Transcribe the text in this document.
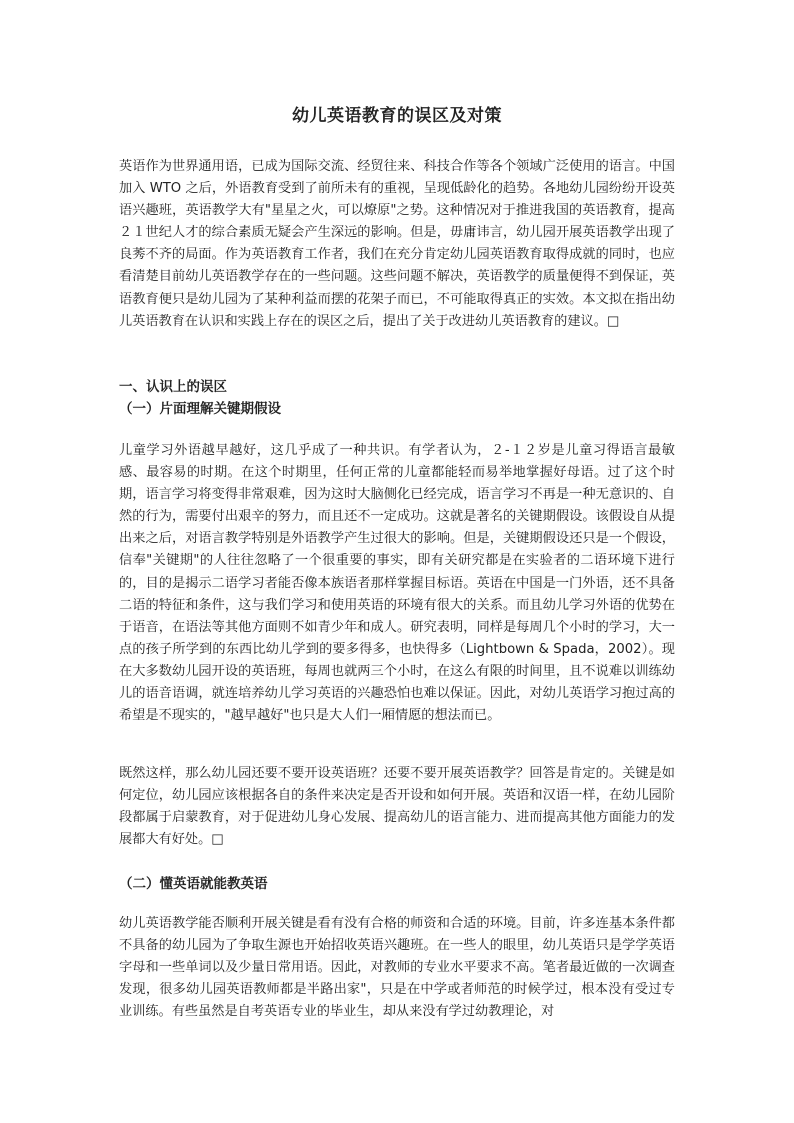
幼儿英语教育的误区及对策
英语作为世界通用语，已成为国际交流、经贸往来、科技合作等各个领域广泛使用的语言。中国加入 WTO 之后，外语教育受到了前所未有的重视，呈现低龄化的趋势。各地幼儿园纷纷开设英语兴趣班，英语教学大有"星星之火，可以燎原"之势。这种情况对于推进我国的英语教育，提高２１世纪人才的综合素质无疑会产生深远的影响。但是，毋庸讳言，幼儿园开展英语教学出现了良莠不齐的局面。作为英语教育工作者，我们在充分肯定幼儿园英语教育取得成就的同时，也应看清楚目前幼儿英语教学存在的一些问题。这些问题不解决，英语教学的质量便得不到保证，英语教育便只是幼儿园为了某种利益而摆的花架子而已，不可能取得真正的实效。本文拟在指出幼儿英语教育在认识和实践上存在的误区之后，提出了关于改进幼儿英语教育的建议。□
一、认识上的误区
（一）片面理解关键期假设
儿童学习外语越早越好，这几乎成了一种共识。有学者认为，２-１２岁是儿童习得语言最敏感、最容易的时期。在这个时期里，任何正常的儿童都能轻而易举地掌握好母语。过了这个时期，语言学习将变得非常艰难，因为这时大脑侧化已经完成，语言学习不再是一种无意识的、自然的行为，需要付出艰辛的努力，而且还不一定成功。这就是著名的关键期假设。该假设自从提出来之后，对语言教学特别是外语教学产生过很大的影响。但是，关键期假设还只是一个假设，信奉"关键期"的人往往忽略了一个很重要的事实，即有关研究都是在实验者的二语环境下进行的，目的是揭示二语学习者能否像本族语者那样掌握目标语。英语在中国是一门外语，还不具备二语的特征和条件，这与我们学习和使用英语的环境有很大的关系。而且幼儿学习外语的优势在于语音，在语法等其他方面则不如青少年和成人。研究表明，同样是每周几个小时的学习，大一点的孩子所学到的东西比幼儿学到的要多得多，也快得多（Lightbown & Spada，2002）。现在大多数幼儿园开设的英语班，每周也就两三个小时，在这么有限的时间里，且不说难以训练幼儿的语音语调，就连培养幼儿学习英语的兴趣恐怕也难以保证。因此，对幼儿英语学习抱过高的希望是不现实的，"越早越好"也只是大人们一厢情愿的想法而已。
既然这样，那么幼儿园还要不要开设英语班？还要不要开展英语教学？回答是肯定的。关键是如何定位，幼儿园应该根据各自的条件来决定是否开设和如何开展。英语和汉语一样，在幼儿园阶段都属于启蒙教育，对于促进幼儿身心发展、提高幼儿的语言能力、进而提高其他方面能力的发展都大有好处。□
（二）懂英语就能教英语
幼儿英语教学能否顺利开展关键是看有没有合格的师资和合适的环境。目前，许多连基本条件都不具备的幼儿园为了争取生源也开始招收英语兴趣班。在一些人的眼里，幼儿英语只是学学英语字母和一些单词以及少量日常用语。因此，对教师的专业水平要求不高。笔者最近做的一次调查发现，很多幼儿园英语教师都是半路出家"，只是在中学或者师范的时候学过，根本没有受过专业训练。有些虽然是自考英语专业的毕业生，却从来没有学过幼教理论，对
